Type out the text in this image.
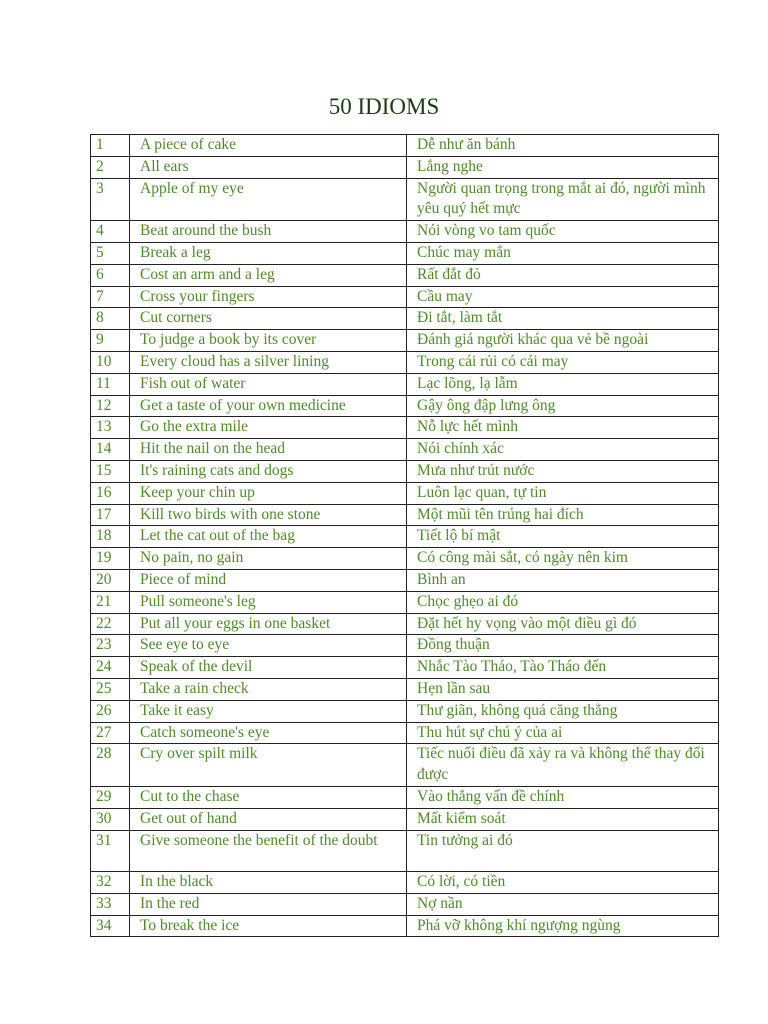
50 IDIOMS
1	A piece of cake	Dễ như ăn bánh
2	All ears	Lắng nghe
3	Apple of my eye	Người quan trọng trong mắt ai đó, người mình yêu quý hết mực
4	Beat around the bush	Nói vòng vo tam quốc
5	Break a leg	Chúc may mắn
6	Cost an arm and a leg	Rất đắt đỏ
7	Cross your fingers	Cầu may
8	Cut corners	Đi tắt, làm tắt
9	To judge a book by its cover	Đánh giá người khác qua vẻ bề ngoài
10	Every cloud has a silver lining	Trong cái rủi có cái may
11	Fish out of water	Lạc lõng, lạ lẫm
12	Get a taste of your own medicine	Gậy ông đập lưng ông
13	Go the extra mile	Nỗ lực hết mình
14	Hit the nail on the head	Nói chính xác
15	It's raining cats and dogs	Mưa như trút nước
16	Keep your chin up	Luôn lạc quan, tự tin
17	Kill two birds with one stone	Một mũi tên trúng hai đích
18	Let the cat out of the bag	Tiết lộ bí mật
19	No pain, no gain	Có công mài sắt, có ngày nên kim
20	Piece of mind	Bình an
21	Pull someone's leg	Chọc ghẹo ai đó
22	Put all your eggs in one basket	Đặt hết hy vọng vào một điều gì đó
23	See eye to eye	Đồng thuận
24	Speak of the devil	Nhắc Tào Tháo, Tào Tháo đến
25	Take a rain check	Hẹn lần sau
26	Take it easy	Thư giãn, không quá căng thẳng
27	Catch someone's eye	Thu hút sự chú ý của ai
28	Cry over spilt milk	Tiếc nuối điều đã xảy ra và không thể thay đổi được
29	Cut to the chase	Vào thẳng vấn đề chính
30	Get out of hand	Mất kiểm soát
31	Give someone the benefit of the doubt	Tin tưởng ai đó
32	In the black	Có lời, có tiền
33	In the red	Nợ nần
34	To break the ice	Phá vỡ không khí ngượng ngùng
